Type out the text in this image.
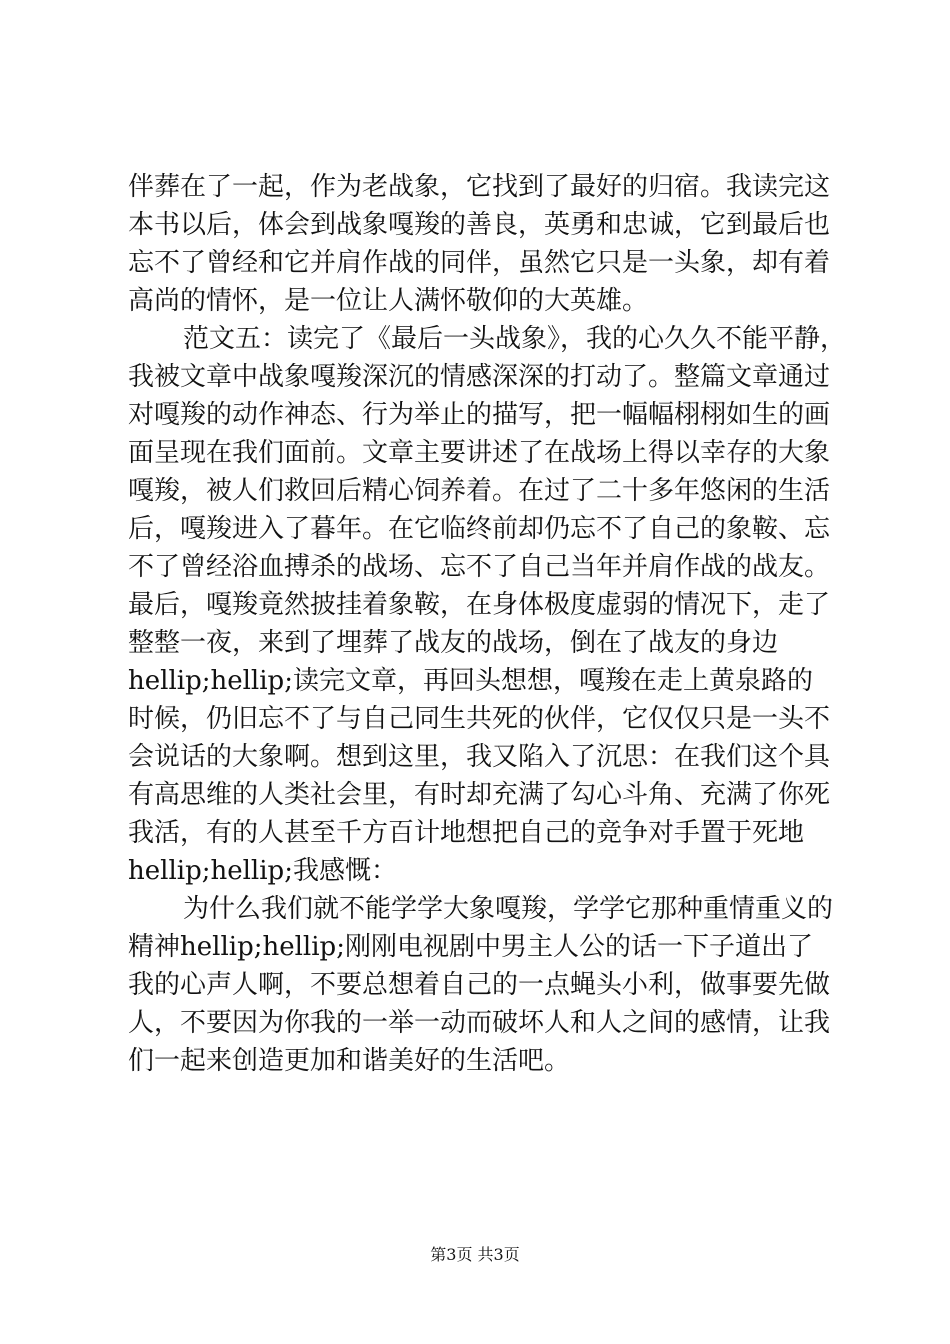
伴葬在了一起，作为老战象，它找到了最好的归宿。我读完这
本书以后，体会到战象嘎羧的善良，英勇和忠诚，它到最后也
忘不了曾经和它并肩作战的同伴，虽然它只是一头象，却有着
高尚的情怀，是一位让人满怀敬仰的大英雄。
范文五：读完了《最后一头战象》，我的心久久不能平静，
我被文章中战象嘎羧深沉的情感深深的打动了。整篇文章通过
对嘎羧的动作神态、行为举止的描写，把一幅幅栩栩如生的画
面呈现在我们面前。文章主要讲述了在战场上得以幸存的大象
嘎羧，被人们救回后精心饲养着。在过了二十多年悠闲的生活
后，嘎羧进入了暮年。在它临终前却仍忘不了自己的象鞍、忘
不了曾经浴血搏杀的战场、忘不了自己当年并肩作战的战友。
最后，嘎羧竟然披挂着象鞍，在身体极度虚弱的情况下，走了
整整一夜，来到了埋葬了战友的战场，倒在了战友的身边
hellip;hellip;读完文章，再回头想想，嘎羧在走上黄泉路的
时候，仍旧忘不了与自己同生共死的伙伴，它仅仅只是一头不
会说话的大象啊。想到这里，我又陷入了沉思：在我们这个具
有高思维的人类社会里，有时却充满了勾心斗角、充满了你死
我活，有的人甚至千方百计地想把自己的竞争对手置于死地
hellip;hellip;我感慨：
为什么我们就不能学学大象嘎羧，学学它那种重情重义的
精神hellip;hellip;刚刚电视剧中男主人公的话一下子道出了
我的心声人啊，不要总想着自己的一点蝇头小利，做事要先做
人，不要因为你我的一举一动而破坏人和人之间的感情，让我
们一起来创造更加和谐美好的生活吧。
第3页 共3页
